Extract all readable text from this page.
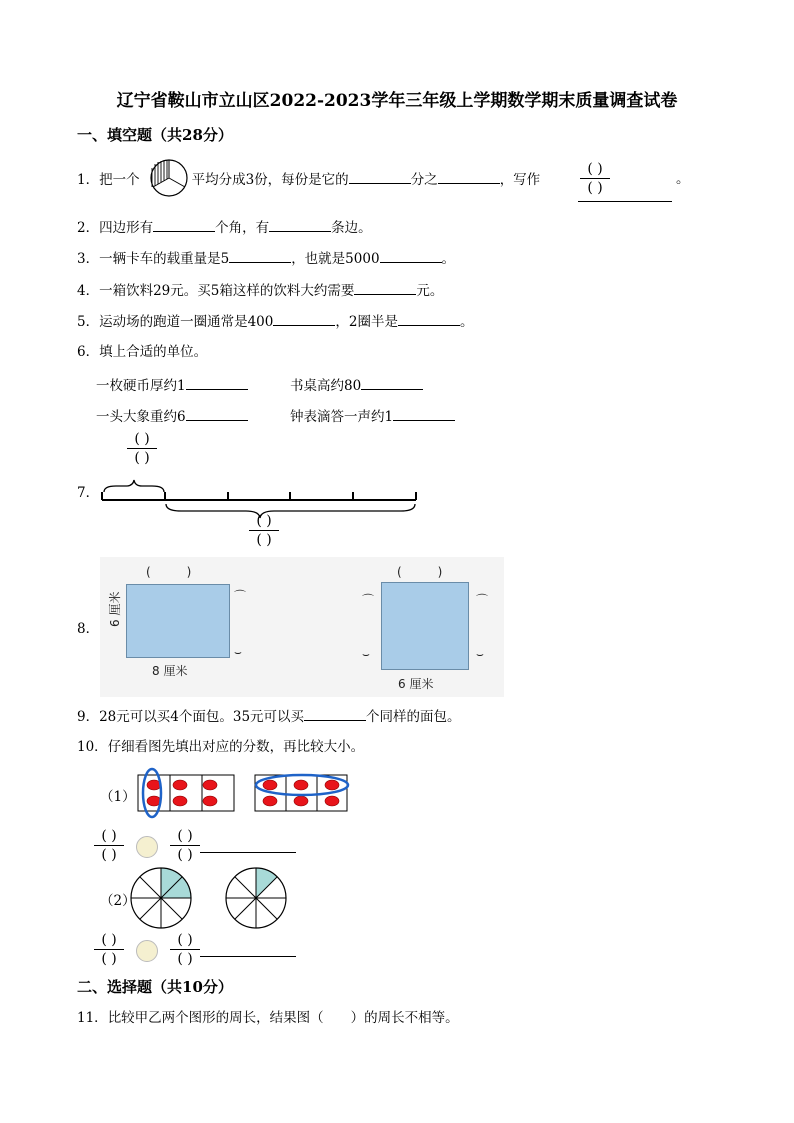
辽宁省鞍山市立山区2022-2023学年三年级上学期数学期末质量调查试卷
一、填空题（共28分）
1．把一个	平均分成3份，每份是它的	分之	，写作
( )
( )
。
2．四边形有	个角，有	条边。
3．一辆卡车的载重量是5	，也就是5000	。
4．一箱饮料29元。买5箱这样的饮料大约需要	元。
5．运动场的跑道一圈通常是400	，2圈半是	。
6．填上合适的单位。
一枚硬币厚约1	书桌高约80
一头大象重约6	钟表滴答一声约1
7．
( )
( )
( )
( )
8．
(　　　)
6 厘米
8 厘米
⌒
⌣
(　　　)
⌒
⌣
⌒
⌣
6 厘米
9．28元可以买4个面包。35元可以买	个同样的面包。
10．仔细看图先填出对应的分数，再比较大小。
（1）
( )
( )
( )
( )
（2）
( )
( )
( )
( )
二、选择题（共10分）
11．比较甲乙两个图形的周长，结果图（　　）的周长不相等。
